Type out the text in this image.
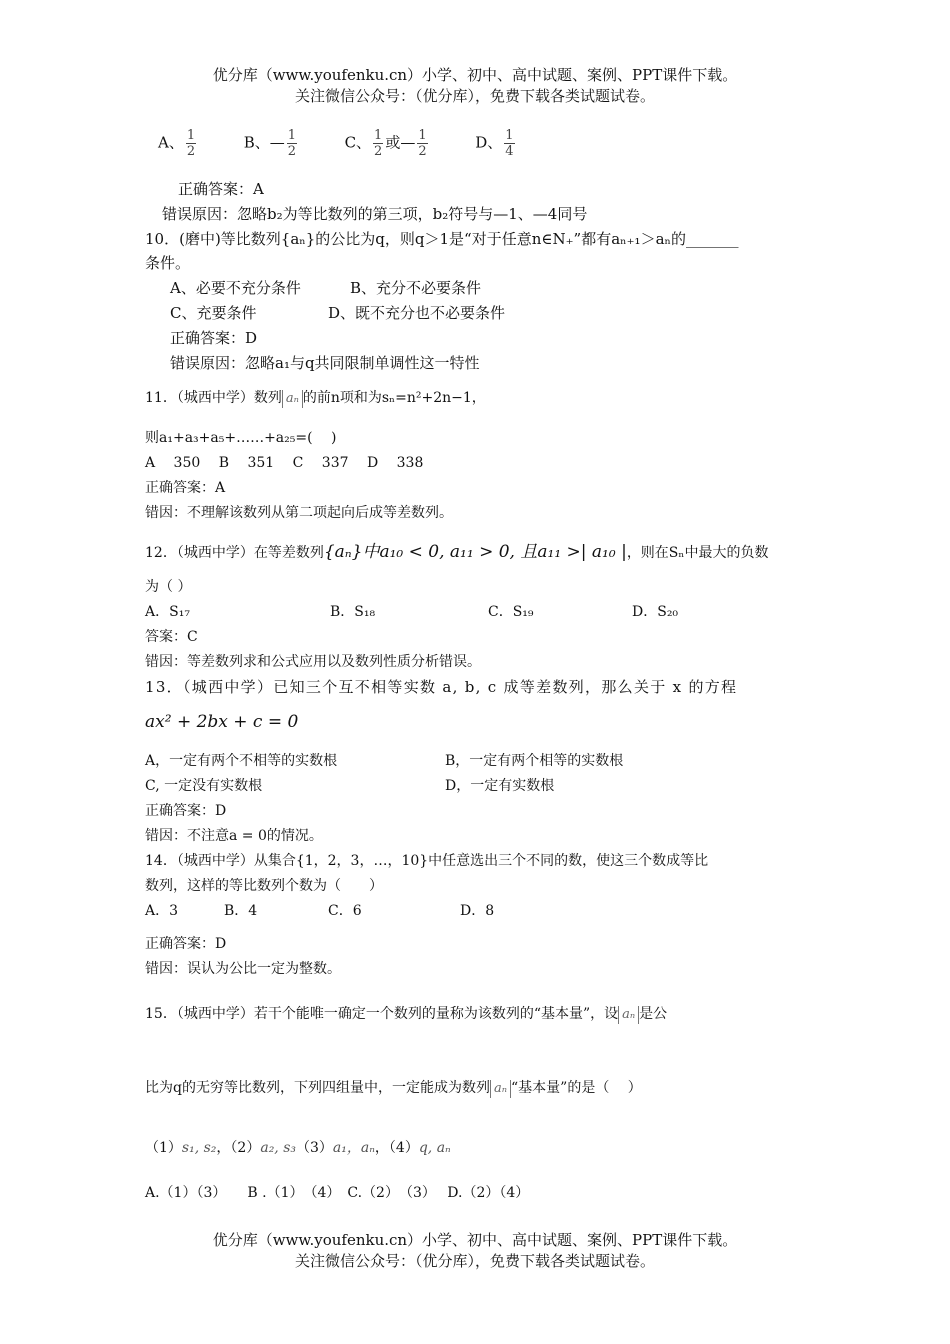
优分库（www.youfenku.cn）小学、初中、高中试题、案例、PPT课件下载。
关注微信公众号：（优分库），免费下载各类试题试卷。
A、 $\frac{1}{2}$	B、— $\frac{1}{2}$	C、 $\frac{1}{2}$ 或— $\frac{1}{2}$	D、 $\frac{1}{4}$
正确答案：A
错误原因：忽略b₂为等比数列的第三项，b₂符号与—1、—4同号
10．(磨中)等比数列{aₙ}的公比为q，则q＞1是“对于任意n∈N₊”都有aₙ₊₁＞aₙ的_______
条件。
A、必要不充分条件	B、充分不必要条件
C、充要条件	D、既不充分也不必要条件
正确答案：D
错误原因：忽略a₁与q共同限制单调性这一特性
11．（城西中学）数列 aₙ 的前n项和为sₙ=n²+2n−1，
则a₁+a₃+a₅+……+a₂₅=(　 )
A　 350　 B　 351　 C　 337　 D　 338
正确答案：A
错因：不理解该数列从第二项起向后成等差数列。
12．（城西中学）在等差数列{aₙ}中a₁₀ < 0, a₁₁ > 0, 且a₁₁ >| a₁₀ |，则在Sₙ中最大的负数
为（ ）
A．S₁₇	B．S₁₈	C．S₁₉	D．S₂₀
答案：C
错因：等差数列求和公式应用以及数列性质分析错误。
13．（城西中学）已知三个互不相等实数 a, b, c 成等差数列，那么关于 x 的方程
ax² + 2bx + c = 0
A，一定有两个不相等的实数根	B，一定有两个相等的实数根
C, 一定没有实数根	D，一定有实数根
正确答案：D
错因：不注意a = 0的情况。
14．（城西中学）从集合{1，2，3，…，10}中任意选出三个不同的数，使这三个数成等比
数列，这样的等比数列个数为（　　）
A．3	B．4	C．6	D．8
正确答案：D
错因：误认为公比一定为整数。
15．（城西中学）若干个能唯一确定一个数列的量称为该数列的“基本量”，设 aₙ 是公
比为q的无穷等比数列，下列四组量中，一定能成为数列 aₙ “基本量”的是（　 ）
（1）s₁, s₂，（2）a₂, s₃（3）a₁，aₙ，（4）q, aₙ
A.（1）（3）　　B .（1）　（4）　C.（2）　（3）　 D.（2）（4）
优分库（www.youfenku.cn）小学、初中、高中试题、案例、PPT课件下载。
关注微信公众号：（优分库），免费下载各类试题试卷。
